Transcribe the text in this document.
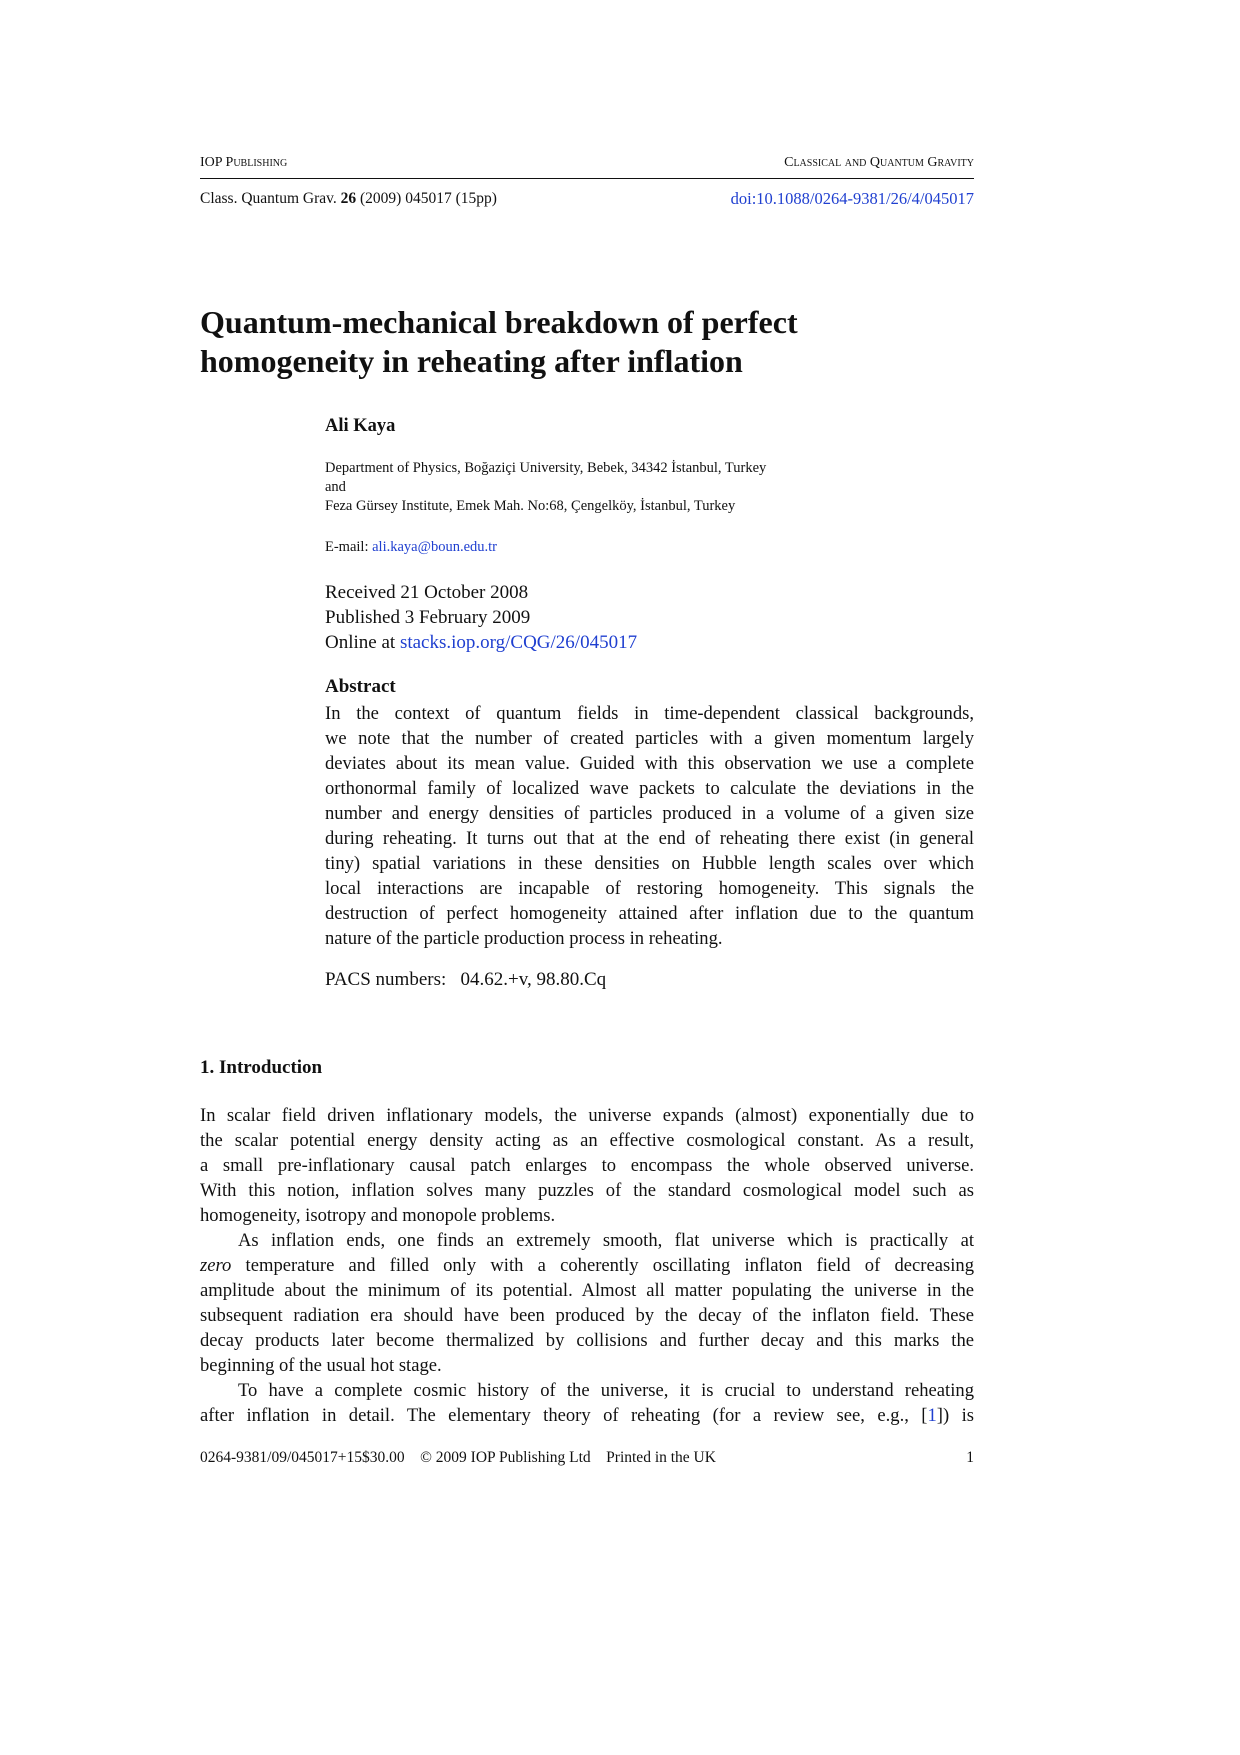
IOP Publishing	Classical and Quantum Gravity
Class. Quantum Grav. 26 (2009) 045017 (15pp)	doi:10.1088/0264-9381/26/4/045017
Quantum-mechanical breakdown of perfect
homogeneity in reheating after inflation
Ali Kaya
Department of Physics, Boğaziçi University, Bebek, 34342 İstanbul, Turkey
and
Feza Gürsey Institute, Emek Mah. No:68, Çengelköy, İstanbul, Turkey
E-mail: ali.kaya@boun.edu.tr
Received 21 October 2008
Published 3 February 2009
Online at stacks.iop.org/CQG/26/045017
Abstract
In the context of quantum fields in time-dependent classical backgrounds,
we note that the number of created particles with a given momentum largely
deviates about its mean value. Guided with this observation we use a complete
orthonormal family of localized wave packets to calculate the deviations in the
number and energy densities of particles produced in a volume of a given size
during reheating. It turns out that at the end of reheating there exist (in general
tiny) spatial variations in these densities on Hubble length scales over which
local interactions are incapable of restoring homogeneity. This signals the
destruction of perfect homogeneity attained after inflation due to the quantum
nature of the particle production process in reheating.
PACS numbers:   04.62.+v, 98.80.Cq
1. Introduction
In scalar field driven inflationary models, the universe expands (almost) exponentially due to
the scalar potential energy density acting as an effective cosmological constant. As a result,
a small pre-inflationary causal patch enlarges to encompass the whole observed universe.
With this notion, inflation solves many puzzles of the standard cosmological model such as
homogeneity, isotropy and monopole problems.
As inflation ends, one finds an extremely smooth, flat universe which is practically at
zero temperature and filled only with a coherently oscillating inflaton field of decreasing
amplitude about the minimum of its potential. Almost all matter populating the universe in the
subsequent radiation era should have been produced by the decay of the inflaton field. These
decay products later become thermalized by collisions and further decay and this marks the
beginning of the usual hot stage.
To have a complete cosmic history of the universe, it is crucial to understand reheating
after inflation in detail. The elementary theory of reheating (for a review see, e.g., [1]) is
0264-9381/09/045017+15$30.00    © 2009 IOP Publishing Ltd    Printed in the UK	1
